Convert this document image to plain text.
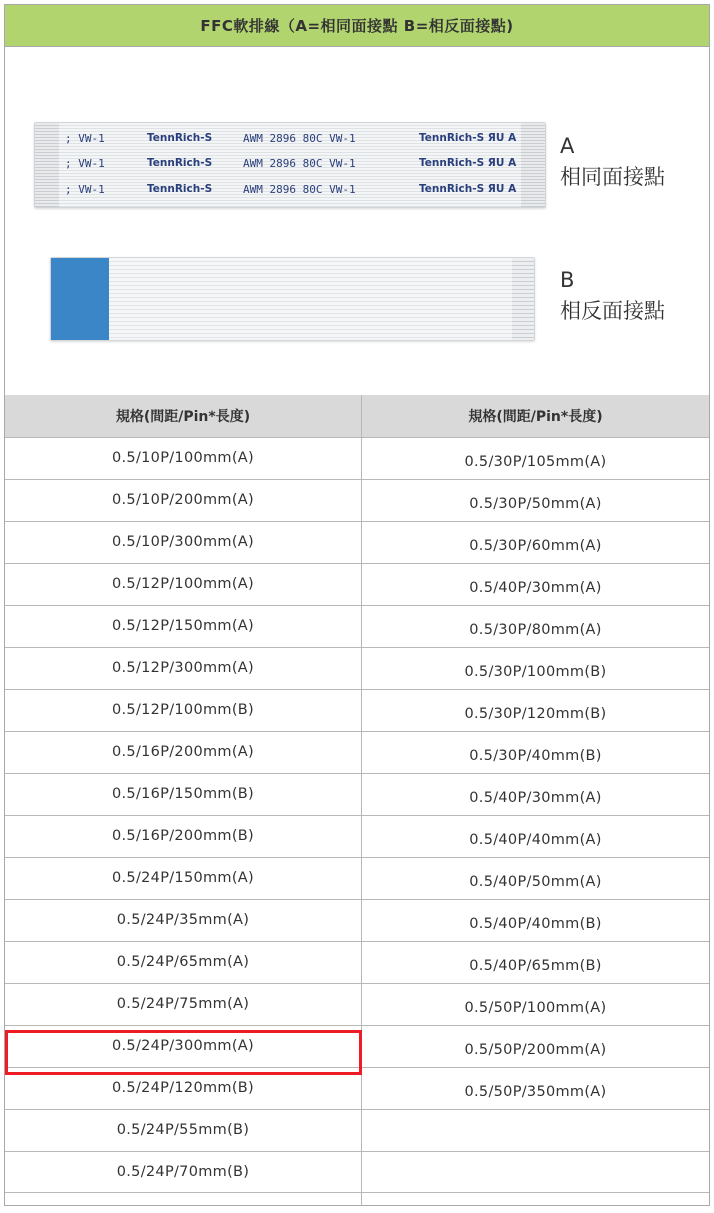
FFC軟排線（A=相同面接點 B=相反面接點)
; VW-1	TennRich-S	AWM 2896 80C VW-1	TennRich-S ЯU A
; VW-1	TennRich-S	AWM 2896 80C VW-1	TennRich-S ЯU A
; VW-1	TennRich-S	AWM 2896 80C VW-1	TennRich-S ЯU A
A
相同面接點
B
相反面接點
規格(間距/Pin*長度)	規格(間距/Pin*長度)
0.5/10P/100mm(A)	0.5/30P/105mm(A)
0.5/10P/200mm(A)	0.5/30P/50mm(A)
0.5/10P/300mm(A)	0.5/30P/60mm(A)
0.5/12P/100mm(A)	0.5/40P/30mm(A)
0.5/12P/150mm(A)	0.5/30P/80mm(A)
0.5/12P/300mm(A)	0.5/30P/100mm(B)
0.5/12P/100mm(B)	0.5/30P/120mm(B)
0.5/16P/200mm(A)	0.5/30P/40mm(B)
0.5/16P/150mm(B)	0.5/40P/30mm(A)
0.5/16P/200mm(B)	0.5/40P/40mm(A)
0.5/24P/150mm(A)	0.5/40P/50mm(A)
0.5/24P/35mm(A)	0.5/40P/40mm(B)
0.5/24P/65mm(A)	0.5/40P/65mm(B)
0.5/24P/75mm(A)	0.5/50P/100mm(A)
0.5/24P/300mm(A)	0.5/50P/200mm(A)
0.5/24P/120mm(B)	0.5/50P/350mm(A)
0.5/24P/55mm(B)
0.5/24P/70mm(B)
